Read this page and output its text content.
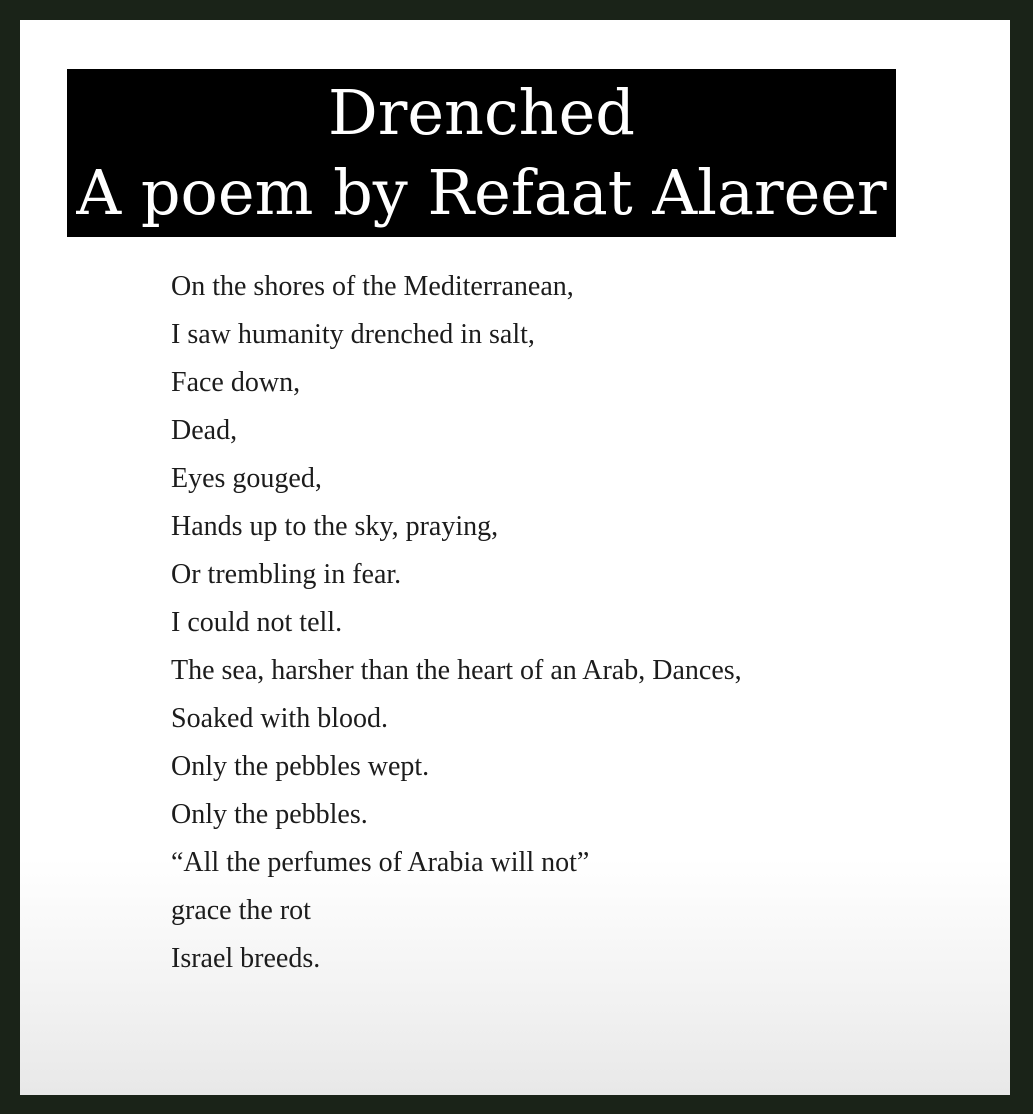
Drenched
A poem by Refaat Alareer
On the shores of the Mediterranean,
I saw humanity drenched in salt,
Face down,
Dead,
Eyes gouged,
Hands up to the sky, praying,
Or trembling in fear.
I could not tell.
The sea, harsher than the heart of an Arab, Dances,
Soaked with blood.
Only the pebbles wept.
Only the pebbles.
“All the perfumes of Arabia will not”
grace the rot
Israel breeds.
